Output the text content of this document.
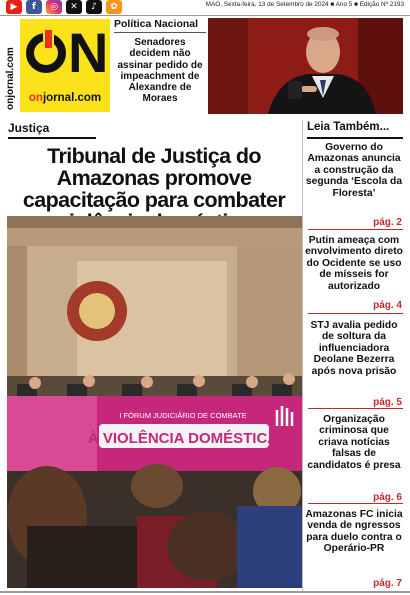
▶	f	◎	✕	♪	✿	MAO, Sexta-feira, 13 de Setembro de 2024 ■ Ano 5 ■ Edição Nº 2193
onjornal.com N
onjornal.com
Política Nacional
Senadores decidem não assinar pedido de impeachment de Alexandre de Moraes
Justiça
Tribunal de Justiça do Amazonas promove capacitação para combater
I FÓRUM JUDICIÁRIO DE COMBATE
À VIOLÊNCIA DOMÉSTICA
Leia Também...
Governo do Amazonas anuncia a construção da segunda ‘Escola da Floresta’
pág. 2
Putin ameaça com envolvimento direto do Ocidente se uso de mísseis for autorizado
pág. 4
STJ avalia pedido de soltura da influenciadora Deolane Bezerra após nova prisão
pág. 5
Organização criminosa que criava notícias falsas de candidatos é presa
pág. 6
Amazonas FC inicia venda de ngressos para duelo contra o Operário-PR
pág. 7
